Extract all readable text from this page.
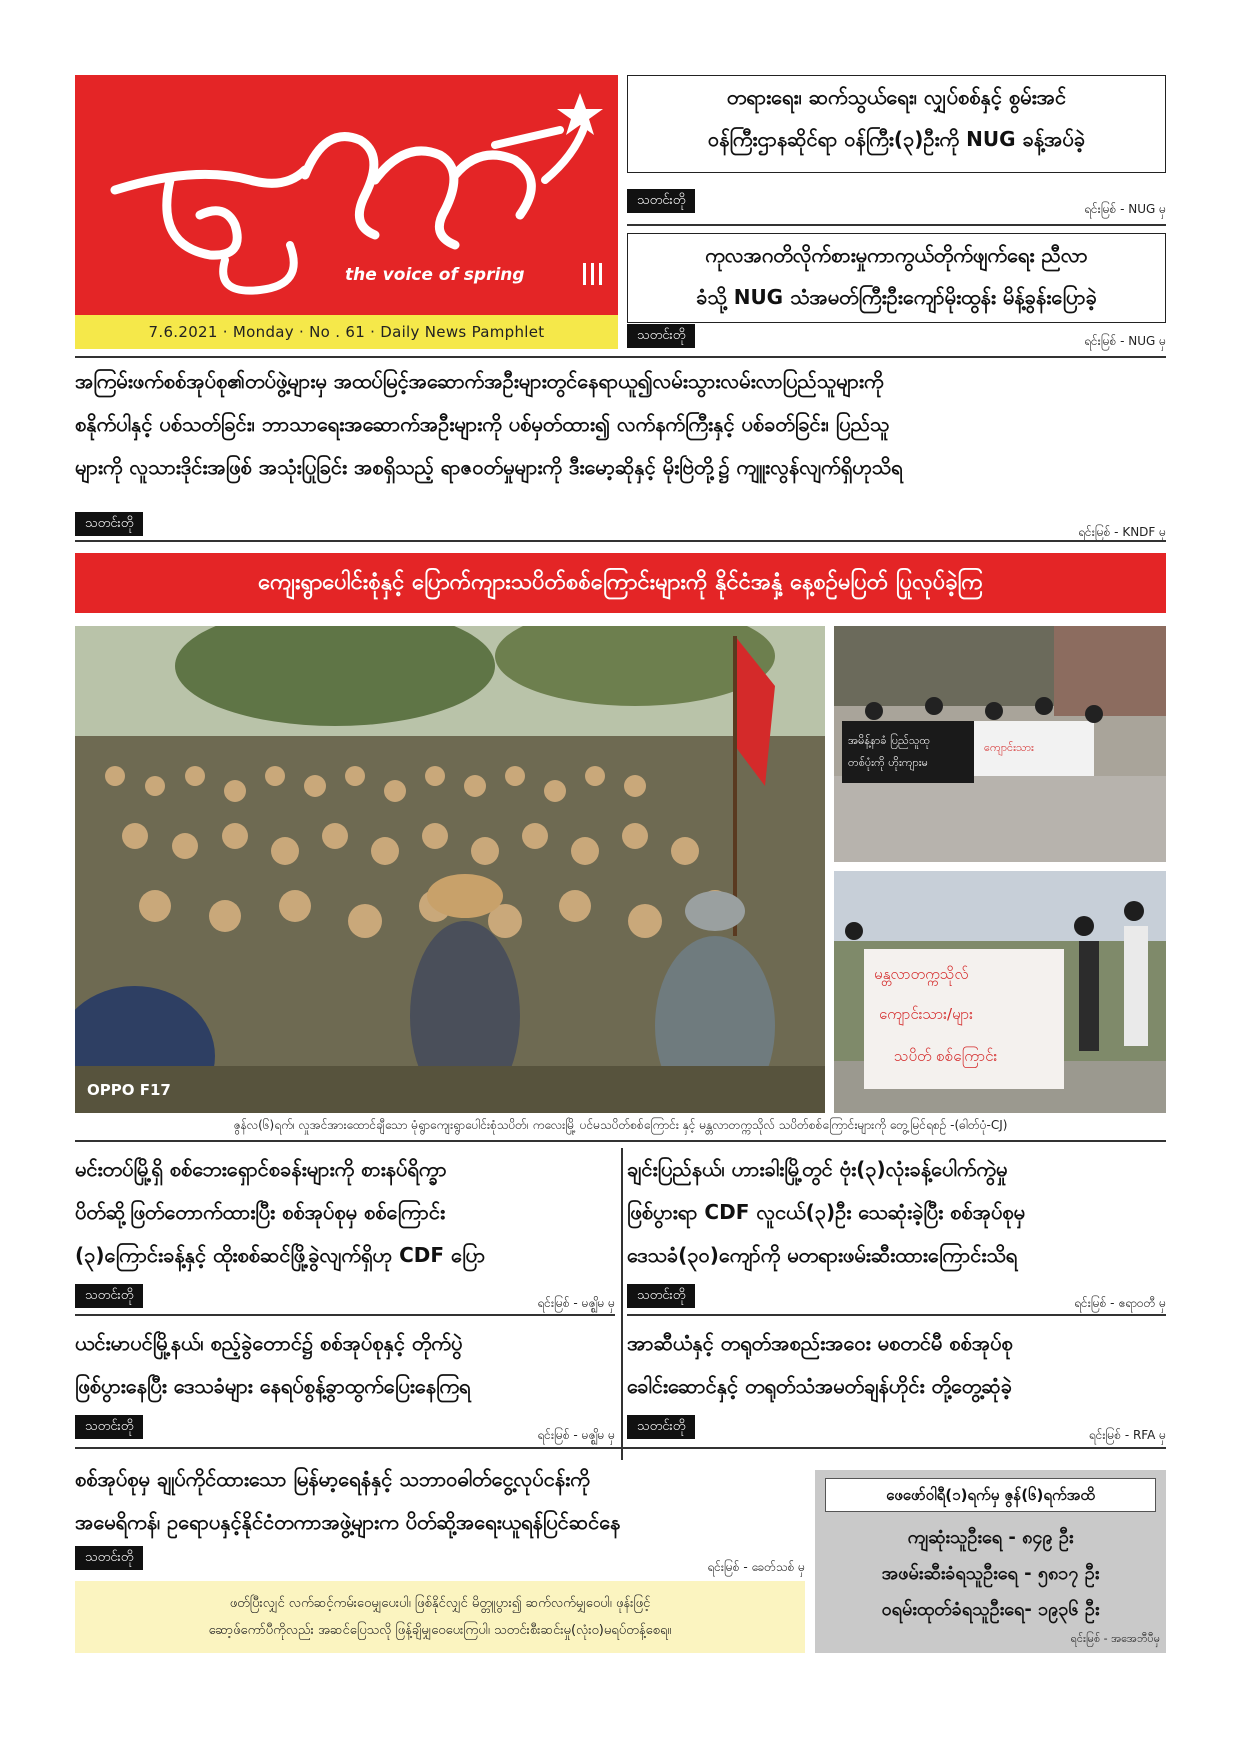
the voice of spring
7.6.2021 · Monday · No . 61 · Daily News Pamphlet
တရားရေး၊ ဆက်သွယ်ရေး၊ လျှပ်စစ်နှင့် စွမ်းအင်
ဝန်ကြီးဌာနဆိုင်ရာ ဝန်ကြီး(၃)ဦးကို NUG ခန့်အပ်ခဲ့
သတင်းတို
ရင်းမြစ် - NUG မှ
ကုလအဂတိလိုက်စားမှုကာကွယ်တိုက်ဖျက်ရေး ညီလာ
ခံသို့ NUG သံအမတ်ကြီးဦးကျော်မိုးထွန်း မိန့်ခွန်းပြောခဲ့
သတင်းတို	ရင်းမြစ် - NUG မှ
အကြမ်းဖက်စစ်အုပ်စု၏တပ်ဖွဲ့များမှ အထပ်မြင့်အဆောက်အဦးများတွင်နေရာယူ၍လမ်းသွားလမ်းလာပြည်သူများကို
စနိုက်ပါနှင့် ပစ်သတ်ခြင်း၊ ဘာသာရေးအဆောက်အဦးများကို ပစ်မှတ်ထား၍ လက်နက်ကြီးနှင့် ပစ်ခတ်ခြင်း၊ ပြည်သူ
များကို လူသားဒိုင်းအဖြစ် အသုံးပြုခြင်း အစရှိသည့် ရာဇဝတ်မှုများကို ဒီးမော့ဆိုနှင့် မိုးဗြဲတို့၌ ကျူးလွန်လျက်ရှိဟုသိရ
သတင်းတို
ရင်းမြစ် - KNDF မှ
ကျေးရွာပေါင်းစုံနှင့် ပြောက်ကျားသပိတ်စစ်ကြောင်းများကို နိုင်ငံအနှံ့ နေ့စဉ်မပြတ် ပြုလုပ်ခဲ့ကြ
OPPO F17
အမိန့်နာခံ ပြည်သူထု
တစ်ပုံးကို ဟိုးကျားမ
ကျောင်းသား
မန္တလာတက္ကသိုလ်
ကျောင်းသား/များ
သပိတ် စစ်ကြောင်း
ဇွန်လ(၆)ရက်၊ လှုအင်အားထောင်ချီသော မုံရွာကျေးရွာပေါင်းစုံသပိတ်၊ ကလေးမြို့ ပင်မသပိတ်စစ်ကြောင်း နှင့် မန္တလာတက္ကသိုလ် သပိတ်စစ်ကြောင်းများကို တွေ့မြင်ရစဉ် -(ဓါတ်ပုံ-CJ)
မင်းတပ်မြို့ရှိ စစ်ဘေးရှောင်စခန်းများကို စားနပ်ရိက္ခာ
ပိတ်ဆို့ဖြတ်တောက်ထားပြီး စစ်အုပ်စုမှ စစ်ကြောင်း
(၃)ကြောင်းခန့်နှင့် ထိုးစစ်ဆင်ဖြို့ခွဲလျက်ရှိဟု CDF ပြော
သတင်းတို	ရင်းမြစ် - မဇ္ဈိမ မှ
ချင်းပြည်နယ်၊ ဟားခါးမြို့တွင် ဗုံး(၃)လုံးခန့်ပေါက်ကွဲမှု
ဖြစ်ပွားရာ CDF လူငယ်(၃)ဦး သေဆုံးခဲ့ပြီး စစ်အုပ်စုမှ
ဒေသခံ(၃၀)ကျော်ကို မတရားဖမ်းဆီးထားကြောင်းသိရ
သတင်းတို	ရင်းမြစ် - ဧရာဝတီ မှ
ယင်းမာပင်မြို့နယ်၊ စည့်ခွဲတောင်၌ စစ်အုပ်စုနှင့် တိုက်ပွဲ
ဖြစ်ပွားနေပြီး ဒေသခံများ နေရပ်စွန့်ခွာထွက်ပြေးနေကြရ
သတင်းတို
ရင်းမြစ် - မဇ္ဈိမ မှ
အာဆီယံနှင့် တရုတ်အစည်းအဝေး မစတင်မီ စစ်အုပ်စု
ခေါင်းဆောင်နှင့် တရုတ်သံအမတ်ချန်ဟိုင်း တို့တွေ့ဆုံခဲ့
သတင်းတို
ရင်းမြစ် - RFA မှ
စစ်အုပ်စုမှ ချုပ်ကိုင်ထားသော မြန်မာ့ရေနံနှင့် သဘာဝဓါတ်ငွေ့လုပ်ငန်းကို
အမေရိကန်၊ ဥရောပနှင့်နိုင်ငံတကာအဖွဲ့များက ပိတ်ဆို့အရေးယူရန်ပြင်ဆင်နေ
သတင်းတို
ရင်းမြစ် - ခေတ်သစ် မှ
ဖတ်ပြီးလျှင် လက်ဆင့်ကမ်းဝေမျှပေးပါ၊ ဖြစ်နိုင်လျှင် မိတ္တူပွား၍ ဆက်လက်မျှဝေပါ၊ ဖုန်းဖြင့်
ဆော့ဖ်ကော်ပီကိုလည်း အဆင်ပြေသလို ဖြန့်ချိမျှဝေပေးကြပါ၊ သတင်းစီးဆင်းမှု(လုံးဝ)မရပ်တန့်စေရ။
ဖေဖော်ဝါရီ(၁)ရက်မှ ဇွန်(၆)ရက်အထိ
ကျဆုံးသူဦးရေ - ၈၄၉ ဦး
အဖမ်းဆီးခံရသူဦးရေ - ၅၈၁၇ ဦး
ဝရမ်းထုတ်ခံရသူဦးရေ- ၁၉၃၆ ဦး
ရင်းမြစ် - အအေဘီပီမှ
